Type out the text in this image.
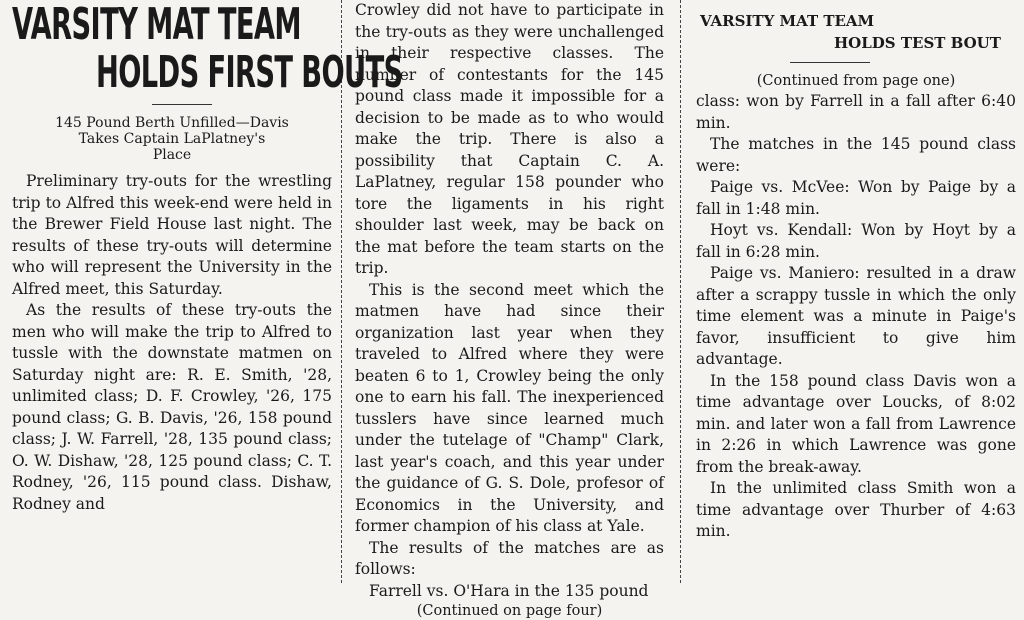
VARSITY MAT TEAM
HOLDS FIRST BOUTS
145 Pound Berth Unfilled—Davis
Takes Captain LaPlatney's
Place

Preliminary try-outs for the wrestling trip to Alfred this week-end were held in the Brewer Field House last night. The results of these try-outs will determine who will represent the University in the Alfred meet, this Saturday.

As the results of these try-outs the men who will make the trip to Alfred to tussle with the downstate matmen on Saturday night are: R. E. Smith, '28, unlimited class; D. F. Crowley, '26, 175 pound class; G. B. Davis, '26, 158 pound class; J. W. Farrell, '28, 135 pound class; O. W. Dishaw, '28, 125 pound class; C. T. Rodney, '26, 115 pound class. Dishaw, Rodney and

Crowley did not have to participate in the try-outs as they were unchallenged in their respective classes. The number of contestants for the 145 pound class made it impossible for a decision to be made as to who would make the trip. There is also a possibility that Captain C. A. LaPlatney, regular 158 pounder who tore the ligaments in his right shoulder last week, may be back on the mat before the team starts on the trip.

This is the second meet which the matmen have had since their organization last year when they traveled to Alfred where they were beaten 6 to 1, Crowley being the only one to earn his fall. The inexperienced tusslers have since learned much under the tutelage of "Champ" Clark, last year's coach, and this year under the guidance of G. S. Dole, profesor of Economics in the University, and former champion of his class at Yale.

The results of the matches are as follows:

Farrell vs. O'Hara in the 135 pound

(Continued on page four)
VARSITY MAT TEAM
HOLDS TEST BOUT
(Continued from page one)

class: won by Farrell in a fall after 6:40 min.

The matches in the 145 pound class were:

Paige vs. McVee: Won by Paige by a fall in 1:48 min.

Hoyt vs. Kendall: Won by Hoyt by a fall in 6:28 min.

Paige vs. Maniero: resulted in a draw after a scrappy tussle in which the only time element was a minute in Paige's favor, insufficient to give him advantage.

In the 158 pound class Davis won a time advantage over Loucks, of 8:02 min. and later won a fall from Lawrence in 2:26 in which Lawrence was gone from the break-away.

In the unlimited class Smith won a time advantage over Thurber of 4:63 min.
